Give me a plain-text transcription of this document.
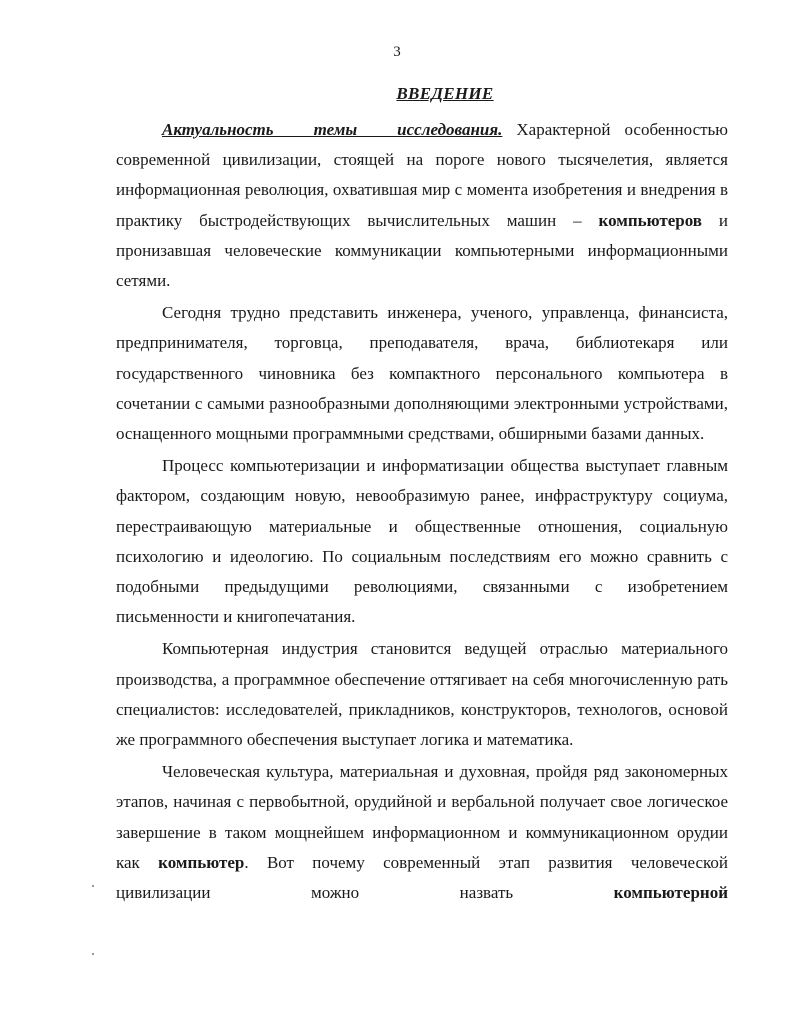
3
ВВЕДЕНИЕ

Актуальность темы исследования. Характерной особенностью современной цивилизации, стоящей на пороге нового тысячелетия, является информационная революция, охватившая мир с момента изобретения и внедрения в практику быстродействующих вычислительных машин – компьютеров и пронизавшая человеческие коммуникации компьютерными информационными сетями.

Сегодня трудно представить инженера, ученого, управленца, финансиста, предпринимателя, торговца, преподавателя, врача, библиотекаря или государственного чиновника без компактного персонального компьютера в сочетании с самыми разнообразными дополняющими электронными устройствами, оснащенного мощными программными средствами, обширными базами данных.

Процесс компьютеризации и информатизации общества выступает главным фактором, создающим новую, невообразимую ранее, инфраструктуру социума, перестраивающую материальные и общественные отношения, социальную психологию и идеологию. По социальным последствиям его можно сравнить с подобными предыдущими революциями, связанными с изобретением письменности и книгопечатания.

Компьютерная индустрия становится ведущей отраслью материального производства, а программное обеспечение оттягивает на себя многочисленную рать специалистов: исследователей, прикладников, конструкторов, технологов, основой же программного обеспечения выступает логика и математика.

Человеческая культура, материальная и духовная, пройдя ряд закономерных этапов, начиная с первобытной, орудийной и вербальной получает свое логическое завершение в таком мощнейшем информационном и коммуникационном орудии как компьютер. Вот почему современный этап развития человеческой цивилизации можно назвать компьютерной
